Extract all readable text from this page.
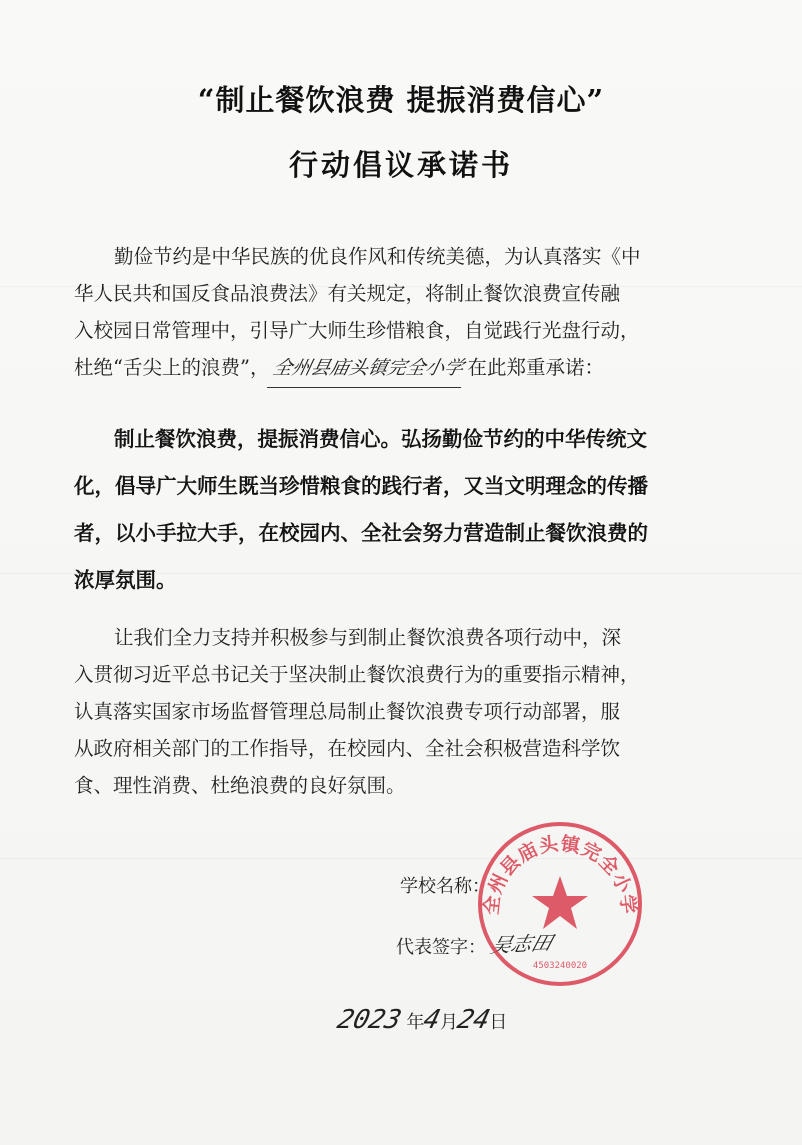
“制止餐饮浪费 提振消费信心”
行动倡议承诺书
勤俭节约是中华民族的优良作风和传统美德，为认真落实《中
华人民共和国反食品浪费法》有关规定，将制止餐饮浪费宣传融
入校园日常管理中，引导广大师生珍惜粮食，自觉践行光盘行动，
杜绝“舌尖上的浪费”，全州县庙头镇完全小学在此郑重承诺：
制止餐饮浪费，提振消费信心。弘扬勤俭节约的中华传统文
化，倡导广大师生既当珍惜粮食的践行者，又当文明理念的传播
者，以小手拉大手，在校园内、全社会努力营造制止餐饮浪费的
浓厚氛围。
让我们全力支持并积极参与到制止餐饮浪费各项行动中，深
入贯彻习近平总书记关于坚决制止餐饮浪费行为的重要指示精神，
认真落实国家市场监督管理总局制止餐饮浪费专项行动部署，服
从政府相关部门的工作指导，在校园内、全社会积极营造科学饮
食、理性消费、杜绝浪费的良好氛围。
学校名称：
代表签字： 吴志田
2023 年4月24日
全州县庙头镇完全小学
4503240020
